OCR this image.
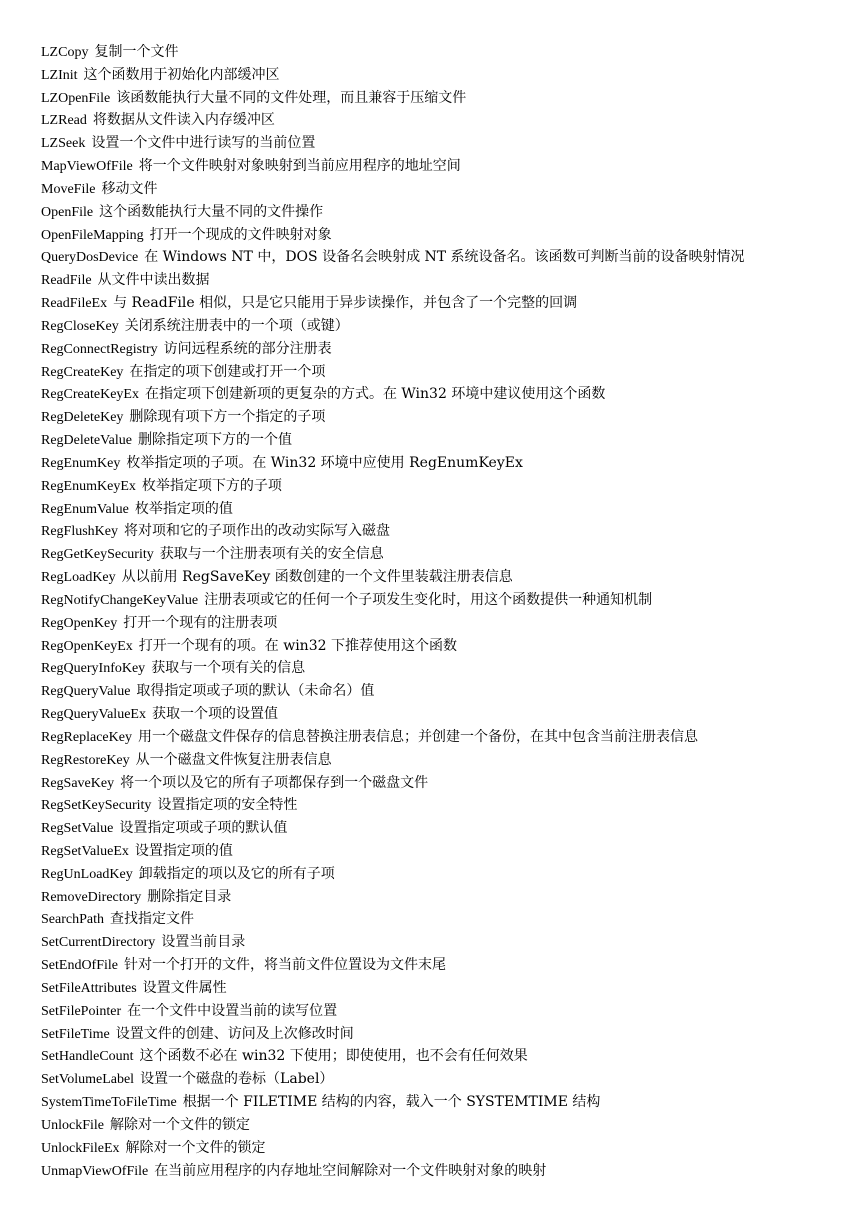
LZCopy 复制一个文件
LZInit 这个函数用于初始化内部缓冲区
LZOpenFile 该函数能执行大量不同的文件处理，而且兼容于压缩文件
LZRead 将数据从文件读入内存缓冲区
LZSeek 设置一个文件中进行读写的当前位置
MapViewOfFile 将一个文件映射对象映射到当前应用程序的地址空间
MoveFile 移动文件
OpenFile 这个函数能执行大量不同的文件操作
OpenFileMapping 打开一个现成的文件映射对象
QueryDosDevice 在 Windows NT 中，DOS 设备名会映射成 NT 系统设备名。该函数可判断当前的设备映射情况
ReadFile 从文件中读出数据
ReadFileEx 与 ReadFile 相似，只是它只能用于异步读操作，并包含了一个完整的回调
RegCloseKey 关闭系统注册表中的一个项（或键）
RegConnectRegistry 访问远程系统的部分注册表
RegCreateKey 在指定的项下创建或打开一个项
RegCreateKeyEx 在指定项下创建新项的更复杂的方式。在 Win32 环境中建议使用这个函数
RegDeleteKey 删除现有项下方一个指定的子项
RegDeleteValue 删除指定项下方的一个值
RegEnumKey 枚举指定项的子项。在 Win32 环境中应使用 RegEnumKeyEx
RegEnumKeyEx 枚举指定项下方的子项
RegEnumValue 枚举指定项的值
RegFlushKey 将对项和它的子项作出的改动实际写入磁盘
RegGetKeySecurity 获取与一个注册表项有关的安全信息
RegLoadKey 从以前用 RegSaveKey 函数创建的一个文件里装载注册表信息
RegNotifyChangeKeyValue 注册表项或它的任何一个子项发生变化时，用这个函数提供一种通知机制
RegOpenKey 打开一个现有的注册表项
RegOpenKeyEx 打开一个现有的项。在 win32 下推荐使用这个函数
RegQueryInfoKey 获取与一个项有关的信息
RegQueryValue 取得指定项或子项的默认（未命名）值
RegQueryValueEx 获取一个项的设置值
RegReplaceKey 用一个磁盘文件保存的信息替换注册表信息；并创建一个备份，在其中包含当前注册表信息
RegRestoreKey 从一个磁盘文件恢复注册表信息
RegSaveKey 将一个项以及它的所有子项都保存到一个磁盘文件
RegSetKeySecurity 设置指定项的安全特性
RegSetValue 设置指定项或子项的默认值
RegSetValueEx 设置指定项的值
RegUnLoadKey 卸载指定的项以及它的所有子项
RemoveDirectory 删除指定目录
SearchPath 查找指定文件
SetCurrentDirectory 设置当前目录
SetEndOfFile 针对一个打开的文件，将当前文件位置设为文件末尾
SetFileAttributes 设置文件属性
SetFilePointer 在一个文件中设置当前的读写位置
SetFileTime 设置文件的创建、访问及上次修改时间
SetHandleCount 这个函数不必在 win32 下使用；即使使用，也不会有任何效果
SetVolumeLabel 设置一个磁盘的卷标（Label）
SystemTimeToFileTime 根据一个 FILETIME 结构的内容，载入一个 SYSTEMTIME 结构
UnlockFile 解除对一个文件的锁定
UnlockFileEx 解除对一个文件的锁定
UnmapViewOfFile 在当前应用程序的内存地址空间解除对一个文件映射对象的映射
